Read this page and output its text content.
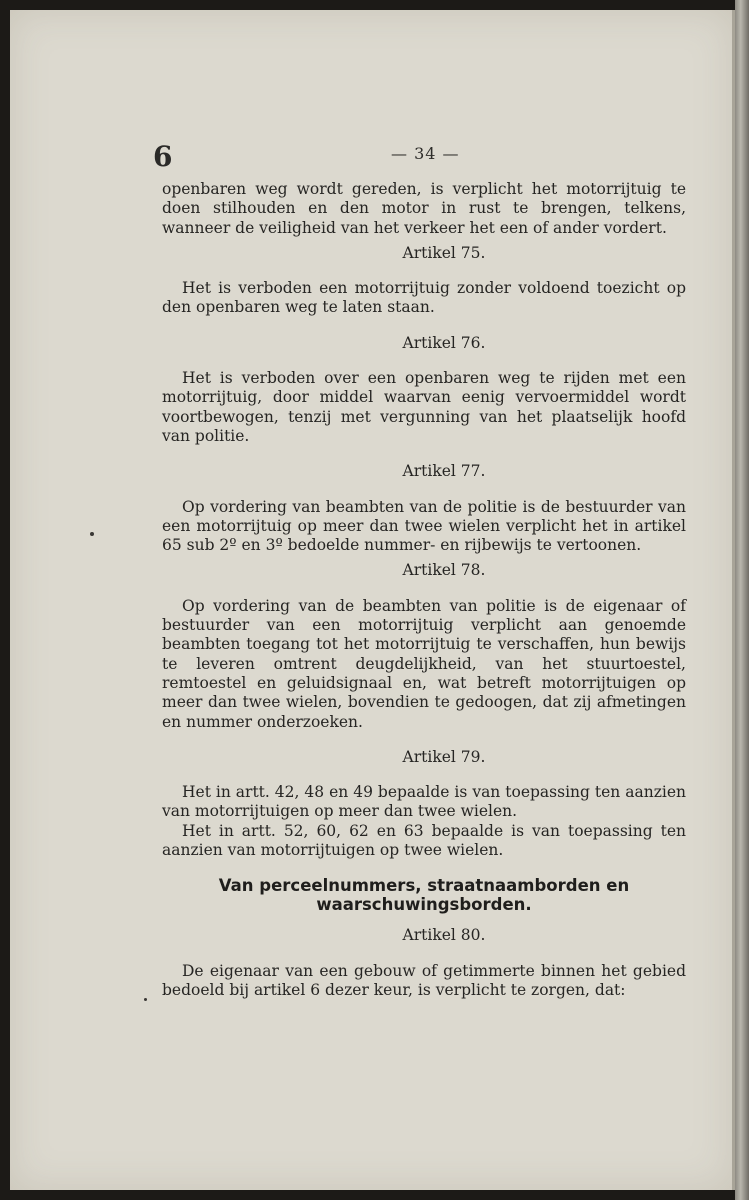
6	— 34 —

openbaren weg wordt gereden, is verplicht het motorrijtuig te doen stilhouden en den motor in rust te brengen, telkens, wanneer de veiligheid van het verkeer het een of ander vordert.

Artikel 75.

Het is verboden een motorrijtuig zonder voldoend toezicht op den openbaren weg te laten staan.

Artikel 76.

Het is verboden over een openbaren weg te rijden met een motorrijtuig, door middel waarvan eenig vervoermiddel wordt voortbewogen, tenzij met vergunning van het plaatselijk hoofd van politie.

Artikel 77.

Op vordering van beambten van de politie is de bestuurder van een motorrijtuig op meer dan twee wielen verplicht het in artikel 65 sub 2º en 3º bedoelde nummer- en rijbewijs te vertoonen.

Artikel 78.

Op vordering van de beambten van politie is de eigenaar of bestuurder van een motorrijtuig verplicht aan genoemde beambten toegang tot het motorrijtuig te verschaffen, hun bewijs te leveren omtrent deugdelijkheid, van het stuurtoestel, remtoestel en geluidsignaal en, wat betreft motorrijtuigen op meer dan twee wielen, bovendien te gedoogen, dat zij afmetingen en nummer onderzoeken.

Artikel 79.

Het in artt. 42, 48 en 49 bepaalde is van toepassing ten aanzien van motorrijtuigen op meer dan twee wielen.

Het in artt. 52, 60, 62 en 63 bepaalde is van toepassing ten aanzien van motorrijtuigen op twee wielen.

Van perceelnummers, straatnaamborden en waarschuwingsborden.

Artikel 80.

De eigenaar van een gebouw of getimmerte binnen het gebied bedoeld bij artikel 6 dezer keur, is verplicht te zorgen, dat:
